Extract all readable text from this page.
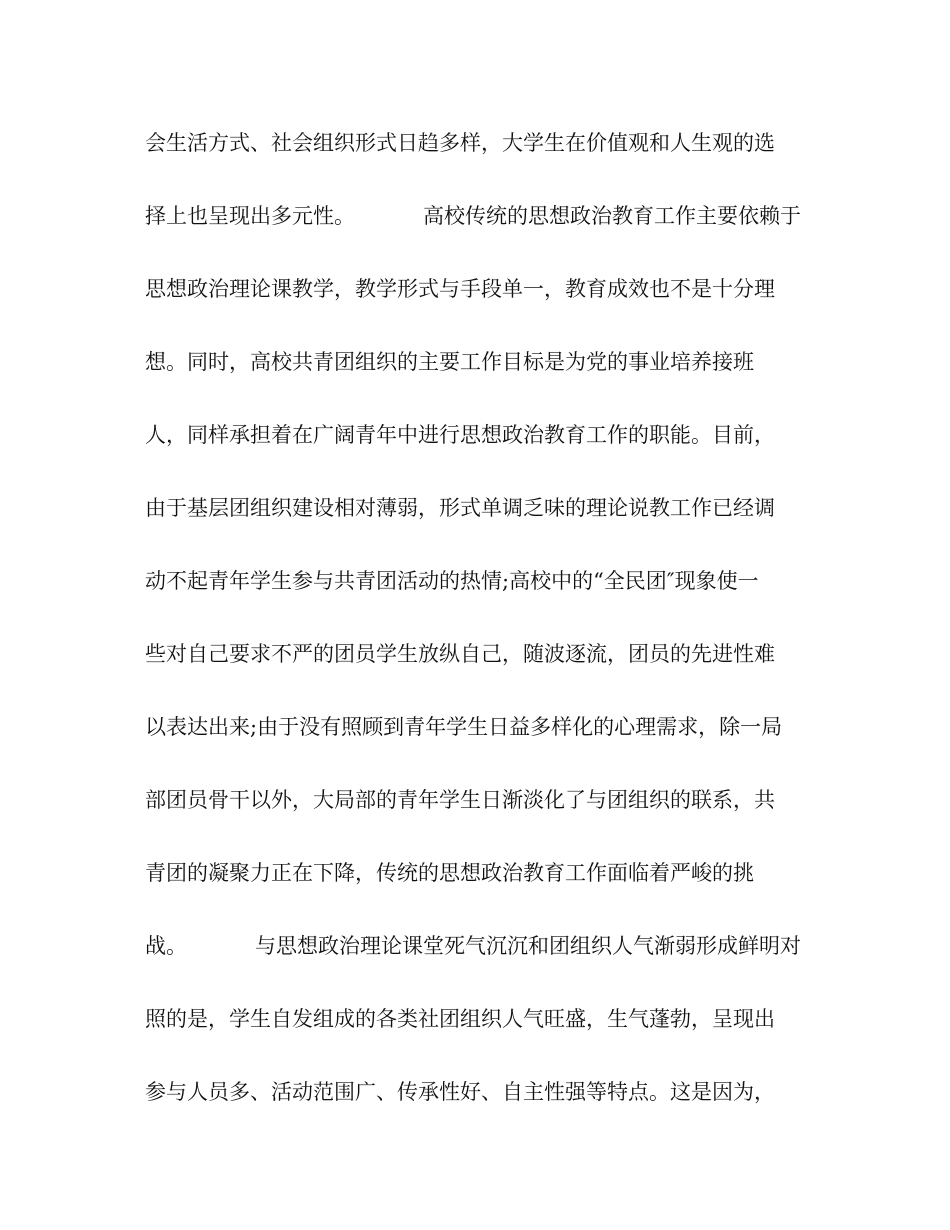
会生活方式、社会组织形式日趋多样，大学生在价值观和人生观的选
择上也呈现出多元性。	高校传统的思想政治教育工作主要依赖于
思想政治理论课教学，教学形式与手段单一，教育成效也不是十分理
想。同时，高校共青团组织的主要工作目标是为党的事业培养接班
人，同样承担着在广阔青年中进行思想政治教育工作的职能。目前，
由于基层团组织建设相对薄弱，形式单调乏味的理论说教工作已经调
动不起青年学生参与共青团活动的热情;高校中的“全民团″现象使一
些对自己要求不严的团员学生放纵自己，随波逐流，团员的先进性难
以表达出来;由于没有照顾到青年学生日益多样化的心理需求，除一局
部团员骨干以外，大局部的青年学生日渐淡化了与团组织的联系，共
青团的凝聚力正在下降，传统的思想政治教育工作面临着严峻的挑
战。	与思想政治理论课堂死气沉沉和团组织人气渐弱形成鲜明对
照的是，学生自发组成的各类社团组织人气旺盛，生气蓬勃，呈现出
参与人员多、活动范围广、传承性好、自主性强等特点。这是因为，
